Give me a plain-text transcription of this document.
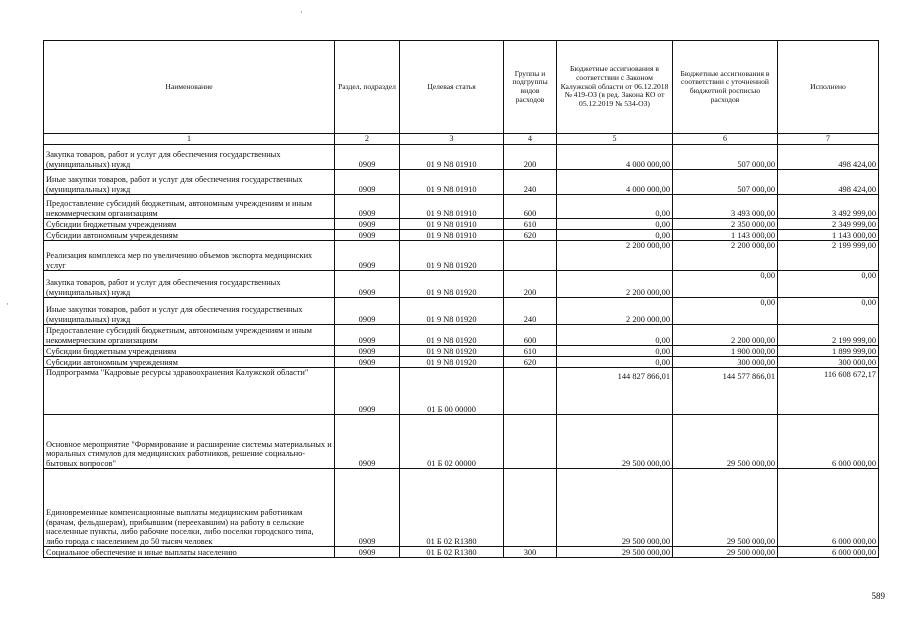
·
·
Наименование	Раздел, подраздел	Целевая статья	Группы и подгруппы видов расходов	Бюджетные ассигнования в соответствии с Законом Калужской области от 06.12.2018 № 419-ОЗ (в ред. Закона КО от 05.12.2019 № 534-ОЗ)	Бюджетные ассигнования в соответствии с уточненной бюджетной росписью расходов	Исполнено
1	2	3	4	5	6	7
Закупка товаров, работ и услуг для обеспечения государственных (муниципальных) нужд	0909	01 9 N8 01910	200	4 000 000,00	507 000,00	498 424,00
Иные закупки товаров, работ и услуг для обеспечения государственных (муниципальных) нужд	0909	01 9 N8 01910	240	4 000 000,00	507 000,00	498 424,00
Предоставление субсидий бюджетным, автономным учреждениям и иным некоммерческим организациям	0909	01 9 N8 01910	600	0,00	3 493 000,00	3 492 999,00
Субсидии бюджетным учреждениям	0909	01 9 N8 01910	610	0,00	2 350 000,00	2 349 999,00
Субсидии автономным учреждениям	0909	01 9 N8 01910	620	0,00	1 143 000,00	1 143 000,00
Реализация комплекса мер по увеличению объемов экспорта медицинских услуг	0909	01 9 N8 01920		2 200 000,00	2 200 000,00	2 199 999,00
Закупка товаров, работ и услуг для обеспечения государственных (муниципальных) нужд	0909	01 9 N8 01920	200	2 200 000,00	0,00	0,00
Иные закупки товаров, работ и услуг для обеспечения государственных (муниципальных) нужд	0909	01 9 N8 01920	240	2 200 000,00	0,00	0,00
Предоставление субсидий бюджетным, автономным учреждениям и иным некоммерческим организациям	0909	01 9 N8 01920	600	0,00	2 200 000,00	2 199 999,00
Субсидии бюджетным учреждениям	0909	01 9 N8 01920	610	0,00	1 900 000,00	1 899 999,00
Субсидии автономным учреждениям	0909	01 9 N8 01920	620	0,00	300 000,00	300 000,00
Подпрограмма "Кадровые ресурсы здравоохранения Калужской области"	0909	01 Б 00 00000		144 827 866,01	144 577 866,01	116 608 672,17
Основное мероприятие "Формирование и расширение системы материальных и моральных стимулов для медицинских работников, решение социально-бытовых вопросов"	0909	01 Б 02 00000		29 500 000,00	29 500 000,00	6 000 000,00
Единовременные компенсационные выплаты медицинским работникам (врачам, фельдшерам), прибывшим (переехавшим) на работу в сельские населенные пункты, либо рабочие поселки, либо поселки городского типа, либо города с населением до 50 тысяч человек	0909	01 Б 02 R1380		29 500 000,00	29 500 000,00	6 000 000,00
Социальное обеспечение и иные выплаты населению	0909	01 Б 02 R1380	300	29 500 000,00	29 500 000,00	6 000 000,00
589
